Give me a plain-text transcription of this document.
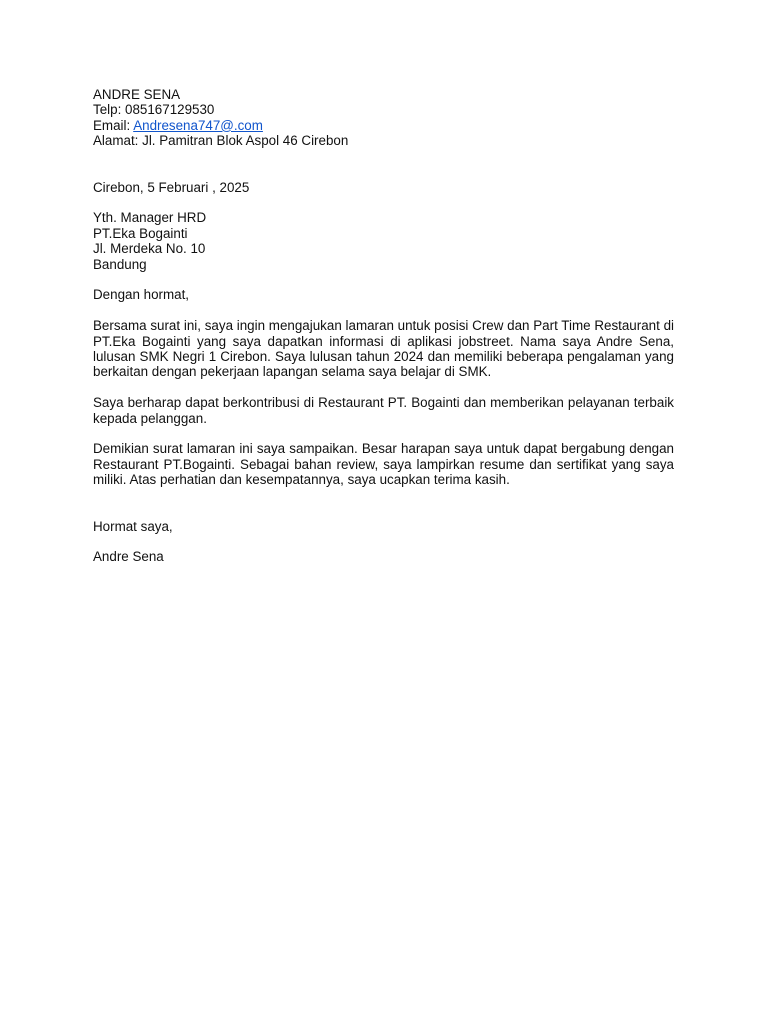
ANDRE SENA
Telp: 085167129530
Email: Andresena747@.com
Alamat: Jl. Pamitran Blok Aspol 46 Cirebon
Cirebon, 5 Februari , 2025
Yth. Manager HRD
PT.Eka Bogainti
Jl. Merdeka No. 10
Bandung
Dengan hormat,

Bersama surat ini, saya ingin mengajukan lamaran untuk posisi Crew dan Part Time Restaurant di PT.Eka Bogainti yang saya dapatkan informasi di aplikasi jobstreet. Nama saya Andre Sena, lulusan SMK Negri 1 Cirebon. Saya lulusan tahun 2024 dan memiliki beberapa pengalaman yang berkaitan dengan pekerjaan lapangan selama saya belajar di SMK.

Saya berharap dapat berkontribusi di Restaurant PT. Bogainti dan memberikan pelayanan terbaik kepada pelanggan.

Demikian surat lamaran ini saya sampaikan. Besar harapan saya untuk dapat bergabung dengan Restaurant PT.Bogainti. Sebagai bahan review, saya lampirkan resume dan sertifikat yang saya miliki. Atas perhatian dan kesempatannya, saya ucapkan terima kasih.

Hormat saya,
Andre Sena
